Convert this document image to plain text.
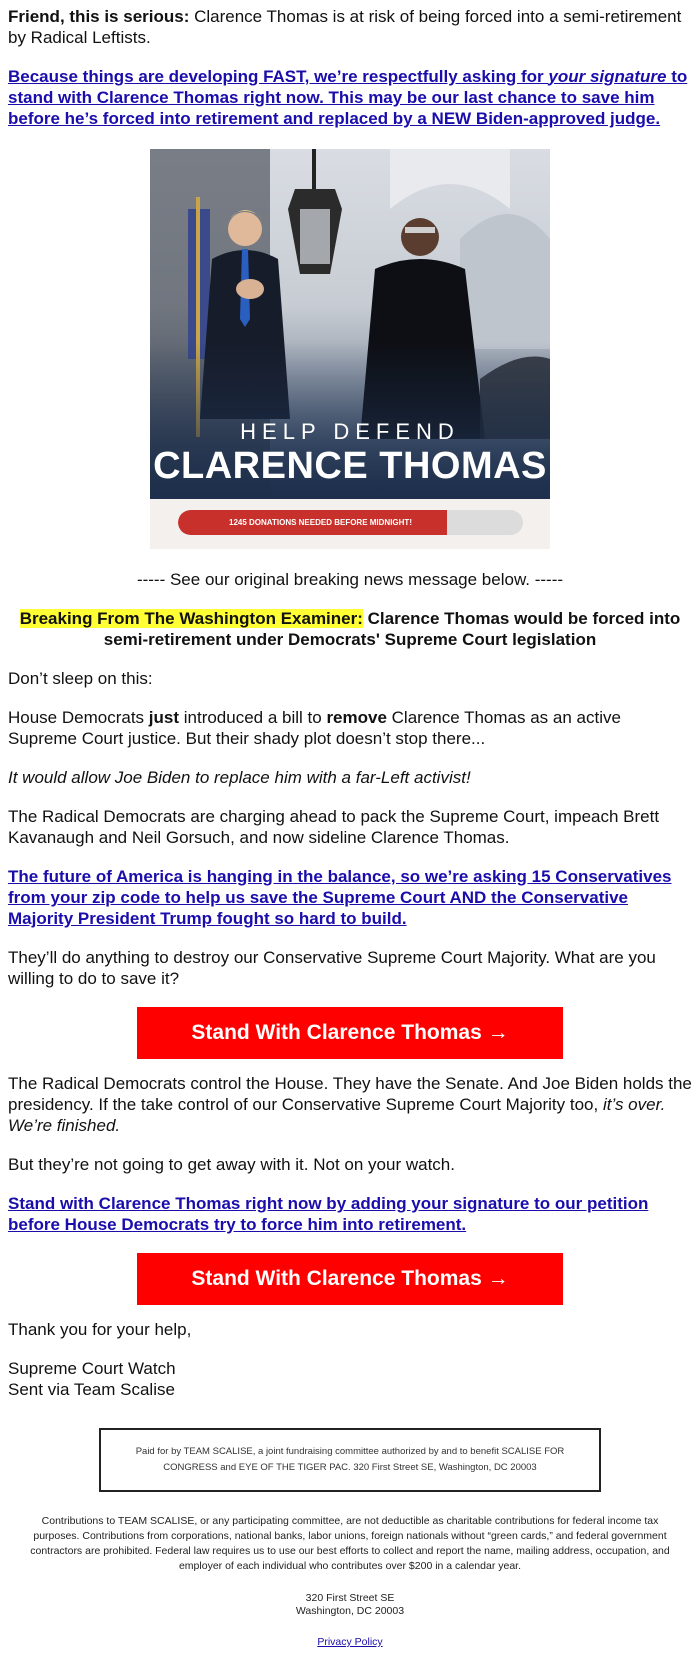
Friend, this is serious: Clarence Thomas is at risk of being forced into a semi-retirement by Radical Leftists.

Because things are developing FAST, we’re respectfully asking for your signature to stand with Clarence Thomas right now. This may be our last chance to save him before he’s forced into retirement and replaced by a NEW Biden-approved judge.

HELP DEFEND
CLARENCE THOMAS
1245 DONATIONS NEEDED BEFORE MIDNIGHT!

----- See our original breaking news message below. -----

Breaking From The Washington Examiner: Clarence Thomas would be forced into semi-retirement under Democrats' Supreme Court legislation

Don’t sleep on this:

House Democrats just introduced a bill to remove Clarence Thomas as an active Supreme Court justice. But their shady plot doesn’t stop there...

It would allow Joe Biden to replace him with a far-Left activist!

The Radical Democrats are charging ahead to pack the Supreme Court, impeach Brett Kavanaugh and Neil Gorsuch, and now sideline Clarence Thomas.

The future of America is hanging in the balance, so we’re asking 15 Conservatives from your zip code to help us save the Supreme Court AND the Conservative Majority President Trump fought so hard to build.

They’ll do anything to destroy our Conservative Supreme Court Majority. What are you willing to do to save it?

Stand With Clarence Thomas →

The Radical Democrats control the House. They have the Senate. And Joe Biden holds the presidency. If the take control of our Conservative Supreme Court Majority too, it’s over. We’re finished.

But they’re not going to get away with it. Not on your watch.

Stand with Clarence Thomas right now by adding your signature to our petition before House Democrats try to force him into retirement.

Stand With Clarence Thomas →

Thank you for your help,

Supreme Court Watch

Sent via Team Scalise

Paid for by TEAM SCALISE, a joint fundraising committee authorized by and to benefit SCALISE FOR CONGRESS and EYE OF THE TIGER PAC. 320 First Street SE, Washington, DC 20003
Contributions to TEAM SCALISE, or any participating committee, are not deductible as charitable contributions for federal income tax purposes. Contributions from corporations, national banks, labor unions, foreign nationals without “green cards,” and federal government contractors are prohibited. Federal law requires us to use our best efforts to collect and report the name, mailing address, occupation, and employer of each individual who contributes over $200 in a calendar year.
320 First Street SE
Washington, DC 20003
Privacy Policy
